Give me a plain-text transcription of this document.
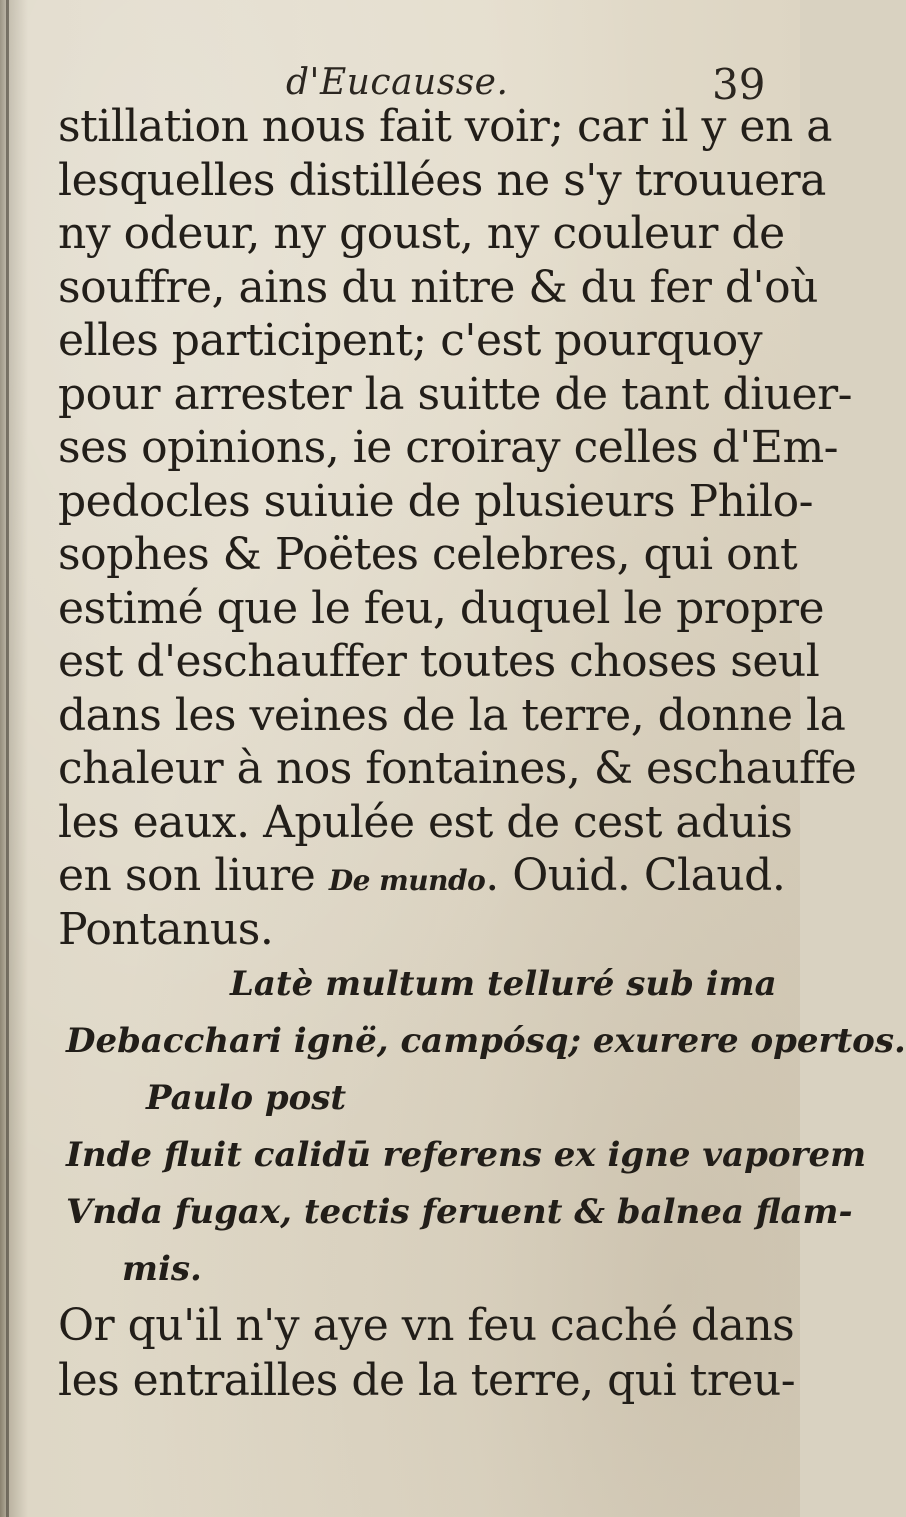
d'Eucausse.	39
stillation nous fait voir; car il y en a
lesquelles distillées ne s'y trouuera
ny odeur, ny goust, ny couleur de
souffre, ains du nitre & du fer d'où
elles participent; c'est pourquoy
pour arrester la suitte de tant diuer-
ses opinions, ie croiray celles d'Em-
pedocles suiuie de plusieurs Philo-
sophes & Poëtes celebres, qui ont
estimé que le feu, duquel le propre
est d'eschauffer toutes choses seul
dans les veines de la terre, donne la
chaleur à nos fontaines, & eschauffe
les eaux. Apulée est de cest aduis
en son liure De mundo. Ouid. Claud.
Pontanus.
Latè multum telluré sub ima
Debacchari ignë, campósq; exurere opertos.
Paulo post
Inde fluit calidū referens ex igne vaporem
Vnda fugax, tectis feruent & balnea flam-
mis.
Or qu'il n'y aye vn feu caché dans
les entrailles de la terre, qui treu-
